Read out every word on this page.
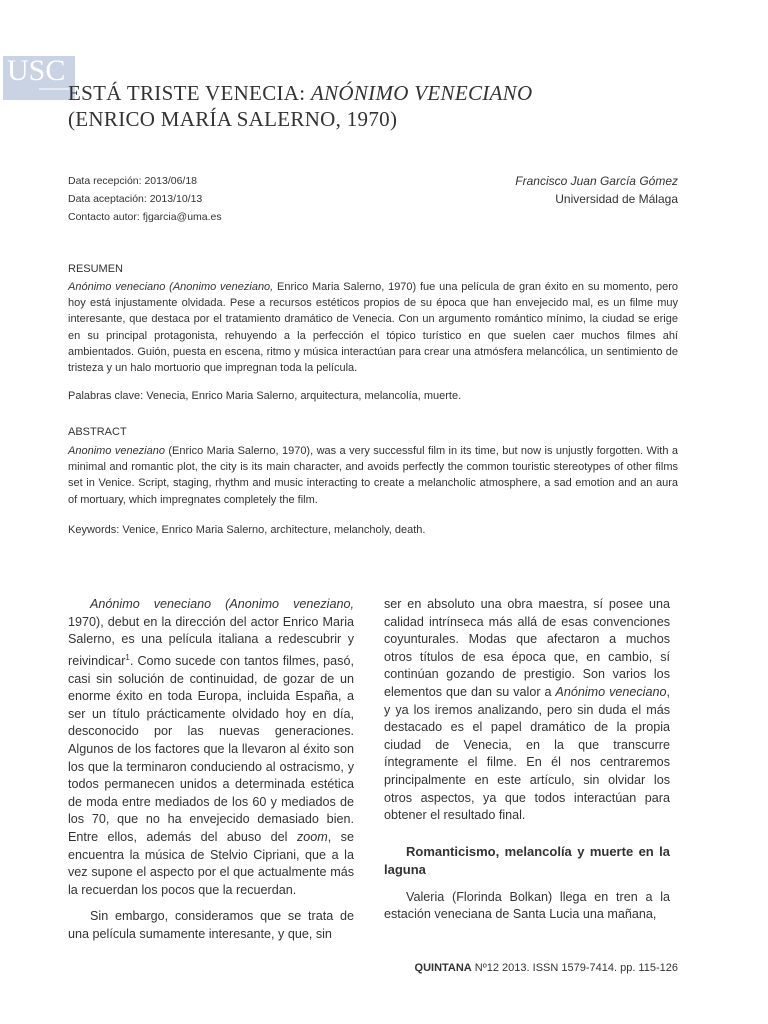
USC
ESTÁ TRISTE VENECIA: ANÓNIMO VENECIANO
(ENRICO MARÍA SALERNO, 1970)
Data recepción: 2013/06/18
Data aceptación: 2013/10/13
Contacto autor: fjgarcia@uma.es
Francisco Juan García Gómez
Universidad de Málaga
RESUMEN
Anónimo veneciano (Anonimo veneziano, Enrico Maria Salerno, 1970) fue una película de gran éxito en su momento, pero hoy está injustamente olvidada. Pese a recursos estéticos propios de su época que han envejecido mal, es un filme muy interesante, que destaca por el tratamiento dramático de Venecia. Con un argumento romántico mínimo, la ciudad se erige en su principal protagonista, rehuyendo a la perfección el tópico turístico en que suelen caer muchos filmes ahí ambientados. Guión, puesta en escena, ritmo y música interactúan para crear una atmósfera melancólica, un sentimiento de tristeza y un halo mortuorio que impregnan toda la película.
Palabras clave: Venecia, Enrico Maria Salerno, arquitectura, melancolía, muerte.
ABSTRACT
Anonimo veneziano (Enrico Maria Salerno, 1970), was a very successful film in its time, but now is unjustly forgotten. With a minimal and romantic plot, the city is its main character, and avoids perfectly the common touristic stereotypes of other films set in Venice. Script, staging, rhythm and music interacting to create a melancholic atmosphere, a sad emotion and an aura of mortuary, which impregnates completely the film.
Keywords: Venice, Enrico Maria Salerno, architecture, melancholy, death.

Anónimo veneciano (Anonimo veneziano, 1970), debut en la dirección del actor Enrico Maria Salerno, es una película italiana a redescubrir y reivindicar$^1$. Como sucede con tantos filmes, pasó, casi sin solución de continuidad, de gozar de un enorme éxito en toda Europa, incluida España, a ser un título prácticamente olvidado hoy en día, desconocido por las nuevas generaciones. Algunos de los factores que la llevaron al éxito son los que la terminaron conduciendo al ostracismo, y todos permanecen unidos a determinada estética de moda entre mediados de los 60 y mediados de los 70, que no ha envejecido demasiado bien. Entre ellos, además del abuso del zoom, se encuentra la música de Stelvio Cipriani, que a la vez supone el aspecto por el que actualmente más la recuerdan los pocos que la recuerdan.

Sin embargo, consideramos que se trata de una película sumamente interesante, y que, sin

ser en absoluto una obra maestra, sí posee una calidad intrínseca más allá de esas convenciones coyunturales. Modas que afectaron a muchos otros títulos de esa época que, en cambio, sí continúan gozando de prestigio. Son varios los elementos que dan su valor a Anónimo veneciano, y ya los iremos analizando, pero sin duda el más destacado es el papel dramático de la propia ciudad de Venecia, en la que transcurre íntegramente el filme. En él nos centraremos principalmente en este artículo, sin olvidar los otros aspectos, ya que todos interactúan para obtener el resultado final.

Romanticismo, melancolía y muerte en la laguna

Valeria (Florinda Bolkan) llega en tren a la estación veneciana de Santa Lucia una mañana,

QUINTANA Nº12 2013. ISSN 1579-7414. pp. 115-126
